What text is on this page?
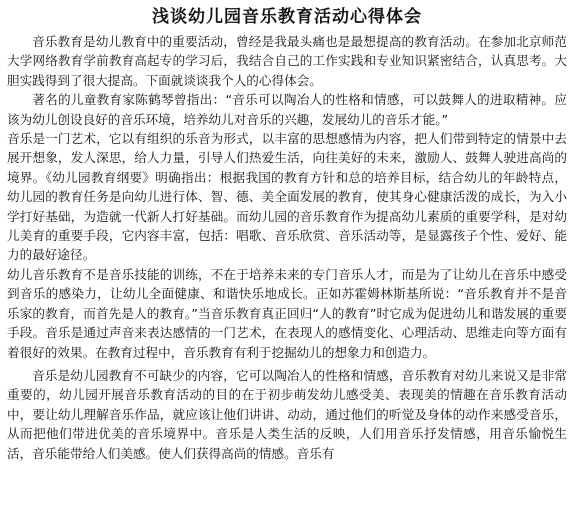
浅谈幼儿园音乐教育活动心得体会

音乐教育是幼儿教育中的重要活动，曾经是我最头痛也是最想提高的教育活动。在参加北京师范大学网络教育学前教育高起专的学习后，我结合自己的工作实践和专业知识紧密结合，认真思考。大胆实践得到了很大提高。下面就谈谈我个人的心得体会。

著名的儿童教育家陈鹤琴曾指出：“音乐可以陶冶人的性格和情感，可以鼓舞人的进取精神。应该为幼儿创设良好的音乐环境，培养幼儿对音乐的兴趣，发展幼儿的音乐才能。”

音乐是一门艺术，它以有组织的乐音为形式，以丰富的思想感情为内容，把人们带到特定的情景中去展开想象，发人深思，给人力量，引导人们热爱生活，向往美好的未来，激励人、鼓舞人驶进高尚的境界。《幼儿园教育纲要》明确指出：根据我国的教育方针和总的培养目标，结合幼儿的年龄特点，幼儿园的教育任务是向幼儿进行体、智、德、美全面发展的教育，使其身心健康活泼的成长，为入小学打好基础，为造就一代新人打好基础。而幼儿园的音乐教育作为提高幼儿素质的重要学科，是对幼儿美育的重要手段，它内容丰富，包括：唱歌、音乐欣赏、音乐活动等，是显露孩子个性、爱好、能力的最好途径。

幼儿音乐教育不是音乐技能的训练，不在于培养未来的专门音乐人才，而是为了让幼儿在音乐中感受到音乐的感染力，让幼儿全面健康、和谐快乐地成长。正如苏霍姆林斯基所说：“音乐教育并不是音乐家的教育，而首先是人的教育。”当音乐教育真正回归“人的教育”时它成为促进幼儿和谐发展的重要手段。音乐是通过声音来表达感情的一门艺术，在表现人的感情变化、心理活动、思维走向等方面有着很好的效果。在教育过程中，音乐教育有利于挖掘幼儿的想象力和创造力。

音乐是幼儿园教育不可缺少的内容，它可以陶冶人的性格和情感，音乐教育对幼儿来说又是非常重要的，幼儿园开展音乐教育活动的目的在于初步萌发幼儿感受美、表现美的情趣在音乐教育活动中，要让幼儿理解音乐作品，就应该让他们讲讲、动动，通过他们的听觉及身体的动作来感受音乐，从而把他们带进优美的音乐境界中。音乐是人类生活的反映，人们用音乐抒发情感，用音乐愉悦生活，音乐能带给人们美感。使人们获得高尚的情感。音乐有
